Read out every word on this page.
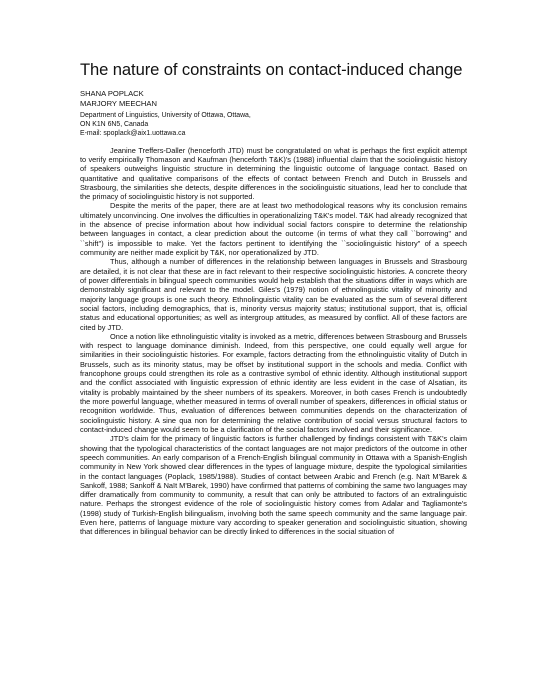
The nature of constraints on contact-induced change
SHANA POPLACK
MARJORY MEECHAN
Department of Linguistics, University of Ottawa, Ottawa,
ON K1N 6N5, Canada
E-mail: spoplack@aix1.uottawa.ca

Jeanine Treffers-Daller (henceforth JTD) must be congratulated on what is perhaps the first explicit attempt to verify empirically Thomason and Kaufman (henceforth T&K)'s (1988) influential claim that the sociolinguistic history of speakers outweighs linguistic structure in determining the linguistic outcome of language contact. Based on quantitative and qualitative comparisons of the effects of contact between French and Dutch in Brussels and Strasbourg, the similarities she detects, despite differences in the sociolinguistic situations, lead her to conclude that the primacy of sociolinguistic history is not supported.

Despite the merits of the paper, there are at least two methodological reasons why its conclusion remains ultimately unconvincing. One involves the difficulties in operationalizing T&K's model. T&K had already recognized that in the absence of precise information about how individual social factors conspire to determine the relationship between languages in contact, a clear prediction about the outcome (in terms of what they call ``borrowing'' and ``shift'') is impossible to make. Yet the factors pertinent to identifying the ``sociolinguistic history'' of a speech community are neither made explicit by T&K, nor operationalized by JTD.

Thus, although a number of differences in the relationship between languages in Brussels and Strasbourg are detailed, it is not clear that these are in fact relevant to their respective sociolinguistic histories. A concrete theory of power differentials in bilingual speech communities would help establish that the situations differ in ways which are demonstrably significant and relevant to the model. Giles's (1979) notion of ethnolinguistic vitality of minority and majority language groups is one such theory. Ethnolinguistic vitality can be evaluated as the sum of several different social factors, including demographics, that is, minority versus majority status; institutional support, that is, official status and educational opportunities; as well as intergroup attitudes, as measured by conflict. All of these factors are cited by JTD.

Once a notion like ethnolinguistic vitality is invoked as a metric, differences between Strasbourg and Brussels with respect to language dominance diminish. Indeed, from this perspective, one could equally well argue for similarities in their sociolinguistic histories. For example, factors detracting from the ethnolinguistic vitality of Dutch in Brussels, such as its minority status, may be offset by institutional support in the schools and media. Conflict with francophone groups could strengthen its role as a contrastive symbol of ethnic identity. Although institutional support and the conflict associated with linguistic expression of ethnic identity are less evident in the case of Alsatian, its vitality is probably maintained by the sheer numbers of its speakers. Moreover, in both cases French is undoubtedly the more powerful language, whether measured in terms of overall number of speakers, differences in official status or recognition worldwide. Thus, evaluation of differences between communities depends on the characterization of sociolinguistic history. A sine qua non for determining the relative contribution of social versus structural factors to contact-induced change would seem to be a clarification of the social factors involved and their significance.

JTD's claim for the primacy of linguistic factors is further challenged by findings consistent with T&K's claim showing that the typological characteristics of the contact languages are not major predictors of the outcome in other speech communities. An early comparison of a French-English bilingual community in Ottawa with a Spanish-English community in New York showed clear differences in the types of language mixture, despite the typological similarities in the contact languages (Poplack, 1985/1988). Studies of contact between Arabic and French (e.g. Naït M'Barek & Sankoff, 1988; Sankoff & Naït M'Barek, 1990) have confirmed that patterns of combining the same two languages may differ dramatically from community to community, a result that can only be attributed to factors of an extralinguistic nature. Perhaps the strongest evidence of the role of sociolinguistic history comes from Adalar and Tagliamonte's (1998) study of Turkish-English bilingualism, involving both the same speech community and the same language pair. Even here, patterns of language mixture vary according to speaker generation and sociolinguistic situation, showing that differences in bilingual behavior can be directly linked to differences in the social situation of
